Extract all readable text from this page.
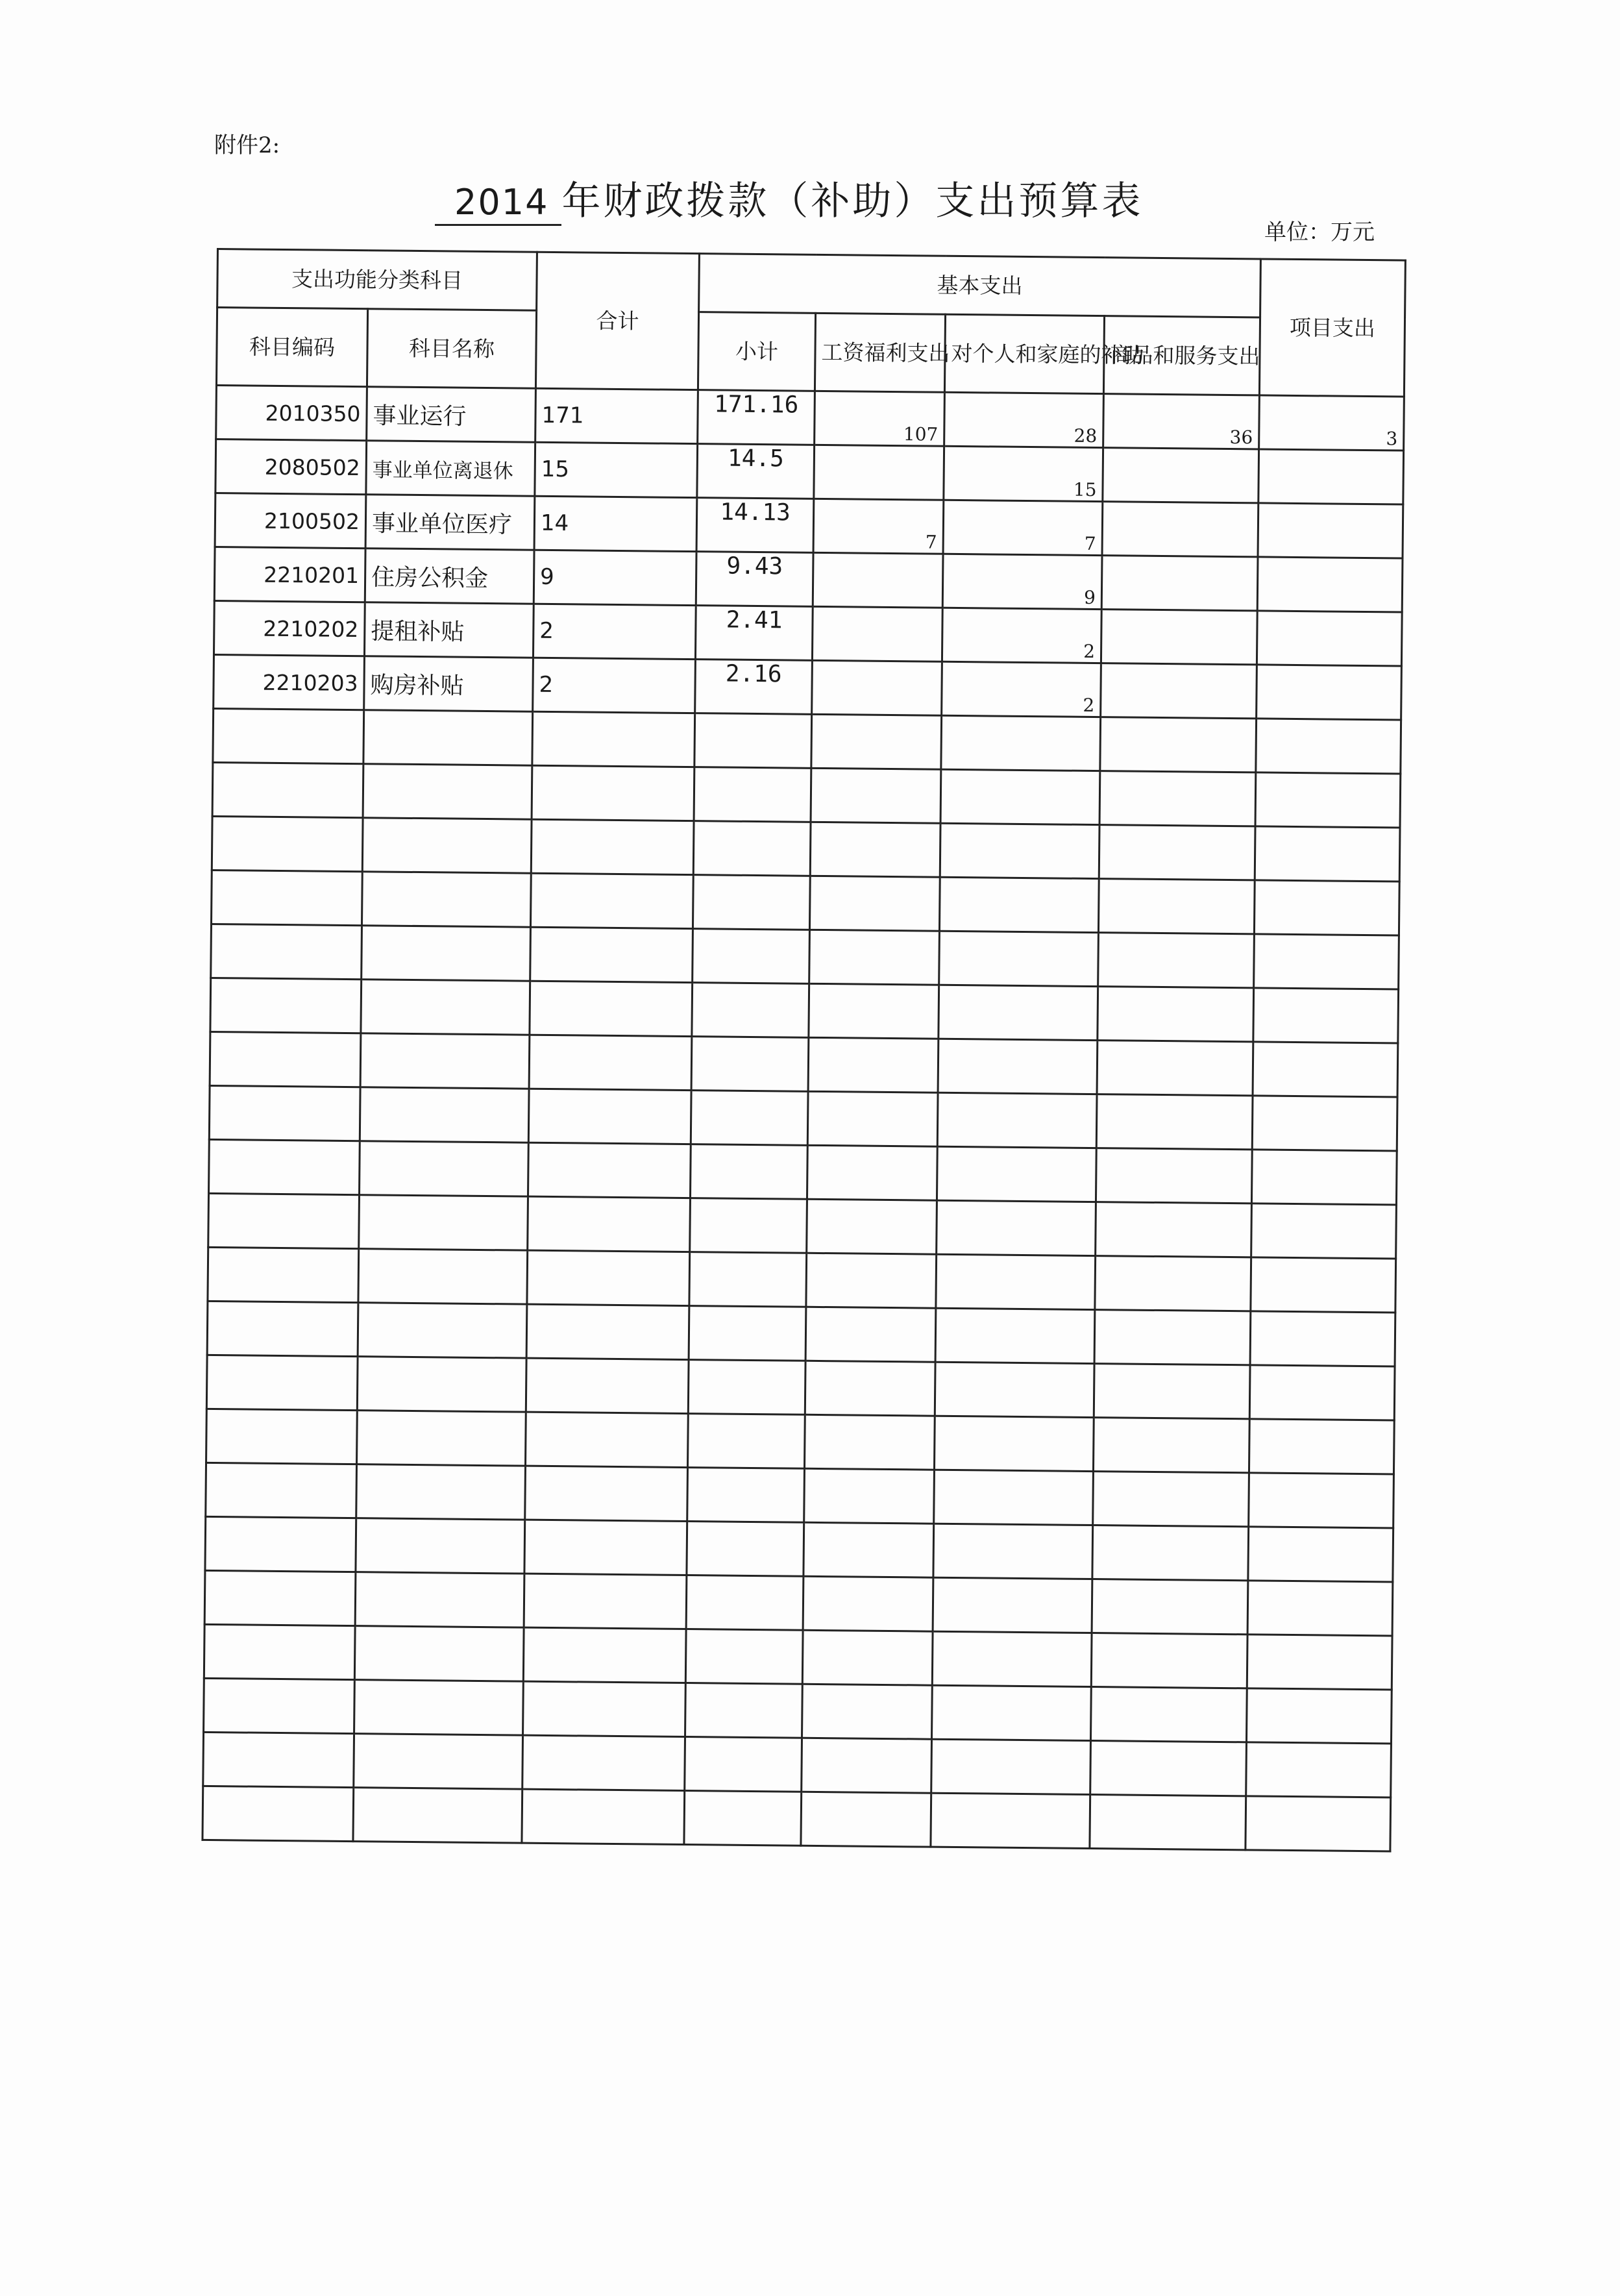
附件2:
2014 年财政拨款（补助）支出预算表
单位：万元
支出功能分类科目		合计	基本支出				项目支出
科目编码	科目名称		小计	工资福利支出	对个人和家庭的补助	商品和服务支出	
2010350	事业运行	171	171.16	107	28	36	3
2080502	事业单位离退休	15	14.5		15		
2100502	事业单位医疗	14	14.13	7	7		
2210201	住房公积金	9	9.43		9		
2210202	提租补贴	2	2.41		2		
2210203	购房补贴	2	2.16		2		
